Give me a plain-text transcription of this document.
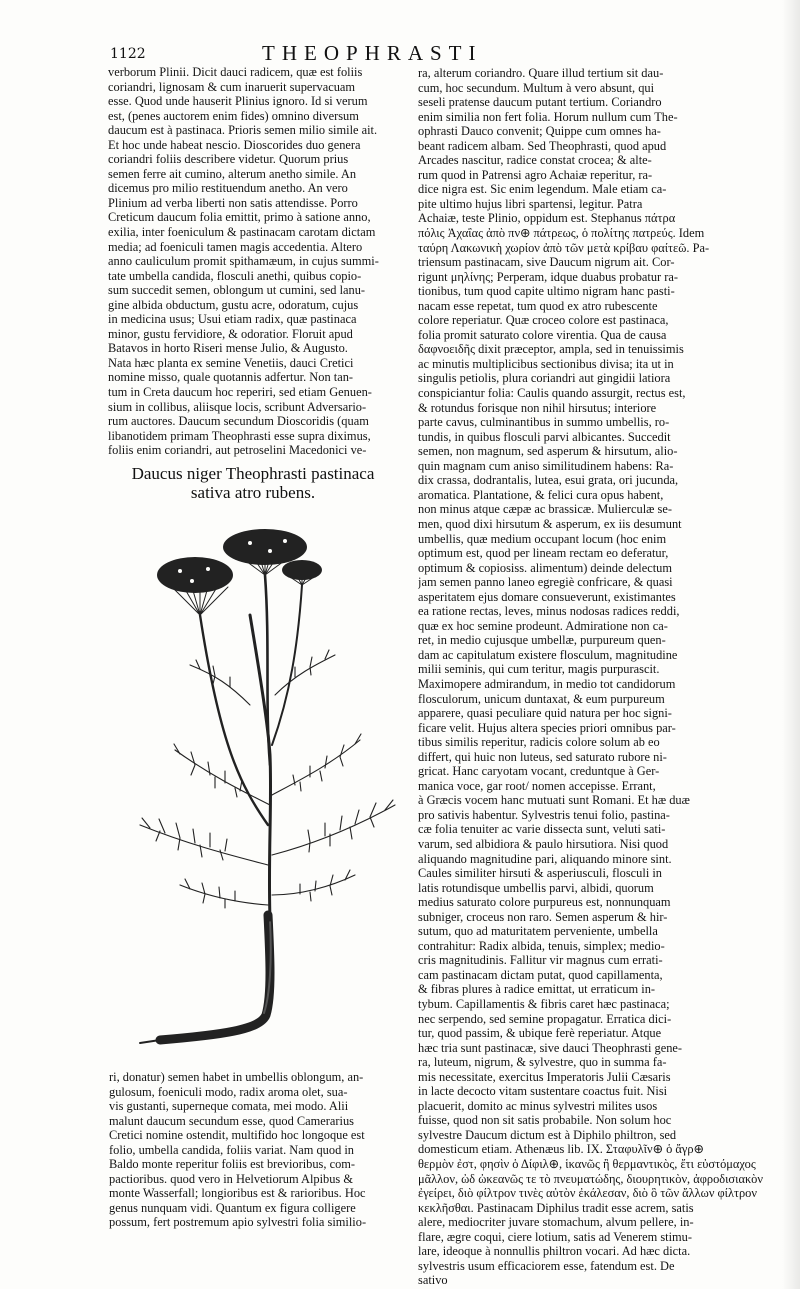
1122	THEOPHRASTI
verborum Plinii. Dicit dauci radicem, quæ est foliis
coriandri, lignosam & cum inaruerit supervacuam
esse. Quod unde hauserit Plinius ignoro. Id si verum
est, (penes auctorem enim fides) omnino diversum
daucum est à pastinaca. Prioris semen milio simile ait.
Et hoc unde habeat nescio. Dioscorides duo genera
coriandri foliis describere videtur. Quorum prius
semen ferre ait cumino, alterum anetho simile. An
dicemus pro milio restituendum anetho. An vero
Plinium ad verba liberti non satis attendisse. Porro
Creticum daucum folia emittit, primo à satione anno,
exilia, inter foeniculum & pastinacam carotam dictam
media; ad foeniculi tamen magis accedentia. Altero
anno cauliculum promit spithamæum, in cujus summi-
tate umbella candida, flosculi anethi, quibus copio-
sum succedit semen, oblongum ut cumini, sed lanu-
gine albida obductum, gustu acre, odoratum, cujus
in medicina usus; Usui etiam radix, quæ pastinaca
minor, gustu fervidiore, & odoratior. Floruit apud
Batavos in horto Riseri mense Julio, & Augusto.
Nata hæc planta ex semine Venetiis, dauci Cretici
nomine misso, quale quotannis adfertur. Non tan-
tum in Creta daucum hoc reperiri, sed etiam Genuen-
sium in collibus, aliisque locis, scribunt Adversario-
rum auctores. Daucum secundum Dioscoridis (quam
libanotidem primam Theophrasti esse supra diximus,
foliis enim coriandri, aut petroselini Macedonici ve-
Daucus niger Theophrasti pastinaca
sativa atro rubens.
ri, donatur) semen habet in umbellis oblongum, an-
gulosum, foeniculi modo, radix aroma olet, sua-
vis gustanti, superneque comata, mei modo. Alii
malunt daucum secundum esse, quod Camerarius
Cretici nomine ostendit, multifido hoc longoque est
folio, umbella candida, foliis variat. Nam quod in
Baldo monte reperitur foliis est brevioribus, com-
pactioribus. quod vero in Helvetiorum Alpibus &
monte Wasserfall; longioribus est & rarioribus. Hoc
genus nunquam vidi. Quantum ex figura colligere
possum, fert postremum apio sylvestri folia similio-
ra, alterum coriandro. Quare illud tertium sit dau-
cum, hoc secundum. Multum à vero absunt, qui
seseli pratense daucum putant tertium. Coriandro
enim similia non fert folia. Horum nullum cum The-
ophrasti Dauco convenit; Quippe cum omnes ha-
beant radicem albam. Sed Theophrasti, quod apud
Arcades nascitur, radice constat crocea; & alte-
rum quod in Patrensi agro Achaiæ reperitur, ra-
dice nigra est. Sic enim legendum. Male etiam ca-
pite ultimo hujus libri spartensi, legitur. Patra
Achaiæ, teste Plinio, oppidum est. Stephanus πάτρα
πόλις Ἀχαΐας ἀπὸ πν⊕ πάτρεως, ὁ πολίτης πατρεύς. Idem
ταύρη Λακωνικὴ χωρίον ἀπὸ τῶν μετὰ κρίβαυ φαίτεῶ. Pa-
triensum pastinacam, sive Daucum nigrum ait. Cor-
rigunt μηλίνης; Perperam, idque duabus probatur ra-
tionibus, tum quod capite ultimo nigram hanc pasti-
nacam esse repetat, tum quod ex atro rubescente
colore reperiatur. Quæ croceo colore est pastinaca,
folia promit saturato colore virentia. Qua de causa
δαφνοειδῆς dixit præceptor, ampla, sed in tenuissimis
ac minutis multiplicibus sectionibus divisa; ita ut in
singulis petiolis, plura coriandri aut gingidii latiora
conspiciantur folia: Caulis quando assurgit, rectus est,
& rotundus forisque non nihil hirsutus; interiore
parte cavus, culminantibus in summo umbellis, ro-
tundis, in quibus flosculi parvi albicantes. Succedit
semen, non magnum, sed asperum & hirsutum, alio-
quin magnam cum aniso similitudinem habens: Ra-
dix crassa, dodrantalis, lutea, esui grata, ori jucunda,
aromatica. Plantatione, & felici cura opus habent,
non minus atque cæpæ ac brassicæ. Mulierculæ se-
men, quod dixi hirsutum & asperum, ex iis desumunt
umbellis, quæ medium occupant locum (hoc enim
optimum est, quod per lineam rectam eo deferatur,
optimum & copiosiss. alimentum) deinde delectum
jam semen panno laneo egregiè confricare, & quasi
asperitatem ejus domare consueverunt, existimantes
ea ratione rectas, leves, minus nodosas radices reddi,
quæ ex hoc semine prodeunt. Admiratione non ca-
ret, in medio cujusque umbellæ, purpureum quen-
dam ac capitulatum existere flosculum, magnitudine
milii seminis, qui cum teritur, magis purpurascit.
Maximopere admirandum, in medio tot candidorum
flosculorum, unicum duntaxat, & eum purpureum
apparere, quasi peculiare quid natura per hoc signi-
ficare velit. Hujus altera species priori omnibus par-
tibus similis reperitur, radicis colore solum ab eo
differt, qui huic non luteus, sed saturato rubore ni-
gricat. Hanc caryotam vocant, creduntque à Ger-
manica voce, gar root/ nomen accepisse. Errant,
à Græcis vocem hanc mutuati sunt Romani. Et hæ duæ
pro sativis habentur. Sylvestris tenui folio, pastina-
cæ folia tenuiter ac varie dissecta sunt, veluti sati-
varum, sed albidiora & paulo hirsutiora. Nisi quod
aliquando magnitudine pari, aliquando minore sint.
Caules similiter hirsuti & asperiusculi, flosculi in
latis rotundisque umbellis parvi, albidi, quorum
medius saturato colore purpureus est, nonnunquam
subniger, croceus non raro. Semen asperum & hir-
sutum, quo ad maturitatem perveniente, umbella
contrahitur: Radix albida, tenuis, simplex; medio-
cris magnitudinis. Fallitur vir magnus cum errati-
cam pastinacam dictam putat, quod capillamenta,
& fibras plures à radice emittat, ut erraticum in-
tybum. Capillamentis & fibris caret hæc pastinaca;
nec serpendo, sed semine propagatur. Erratica dici-
tur, quod passim, & ubique ferè reperiatur. Atque
hæc tria sunt pastinacæ, sive dauci Theophrasti gene-
ra, luteum, nigrum, & sylvestre, quo in summa fa-
mis necessitate, exercitus Imperatoris Julii Cæsaris
in lacte decocto vitam sustentare coactus fuit. Nisi
placuerit, domito ac minus sylvestri milites usos
fuisse, quod non sit satis probabile. Non solum hoc
sylvestre Daucum dictum est à Diphilo philtron, sed
domesticum etiam. Athenæus lib. IX. Σταφυλῖν⊕ ὁ ἄγρ⊕
θερμὸν ἐστ, φησὶν ὁ Δίφιλ⊕, ἱκανῶς ἢ θερμαντικὸς, ἔτι εὐστόμαχος
μᾶλλον, ὠδ ὠκεανῶς τε τὸ πνευματώδης, διουρητικὸν, ἀφροδισιακὸν
ἐγείρει, διὸ φίλτρον τινὲς αὐτὸν ἐκάλεσαν, διὸ ὃ τῶν ἄλλων φίλτρον
κεκλῆσθαι. Pastinacam Diphilus tradit esse acrem, satis
alere, mediocriter juvare stomachum, alvum pellere, in-
flare, ægre coqui, ciere lotium, satis ad Venerem stimu-
lare, ideoque à nonnullis philtron vocari. Ad hæc dicta.
sylvestris usum efficaciorem esse, fatendum est. De
sativo
